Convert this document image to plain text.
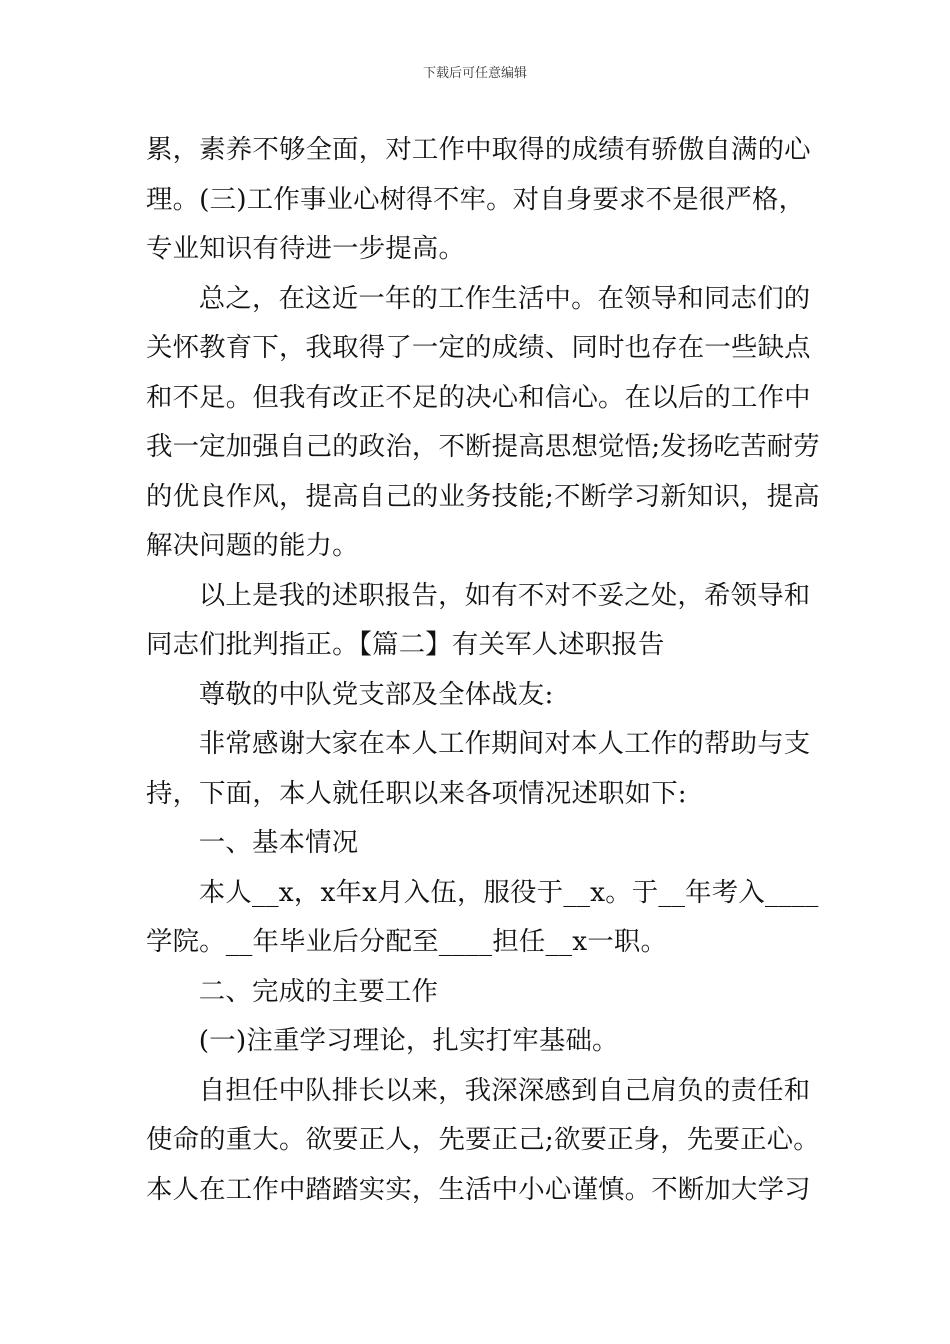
下载后可任意编辑
累，素养不够全面，对工作中取得的成绩有骄傲自满的心
理。(三)工作事业心树得不牢。对自身要求不是很严格，
专业知识有待进一步提高。
总之，在这近一年的工作生活中。在领导和同志们的
关怀教育下，我取得了一定的成绩、同时也存在一些缺点
和不足。但我有改正不足的决心和信心。在以后的工作中
我一定加强自己的政治，不断提高思想觉悟;发扬吃苦耐劳
的优良作风，提高自己的业务技能;不断学习新知识，提高
解决问题的能力。
以上是我的述职报告，如有不对不妥之处，希领导和
同志们批判指正。【篇二】有关军人述职报告
尊敬的中队党支部及全体战友:
非常感谢大家在本人工作期间对本人工作的帮助与支
持，下面，本人就任职以来各项情况述职如下:
一、基本情况
本人__x，x年x月入伍，服役于__x。于__年考入____
学院。__年毕业后分配至____担任__x一职。
二、完成的主要工作
(一)注重学习理论，扎实打牢基础。
自担任中队排长以来，我深深感到自己肩负的责任和
使命的重大。欲要正人，先要正己;欲要正身，先要正心。
本人在工作中踏踏实实，生活中小心谨慎。不断加大学习
